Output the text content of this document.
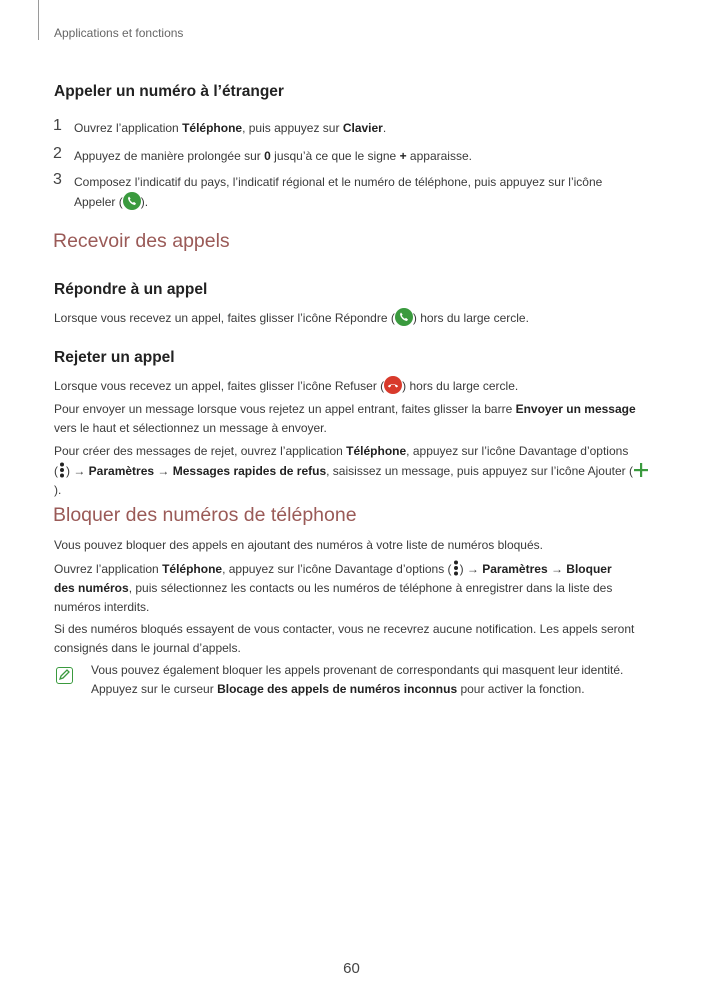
Applications et fonctions
Appeler un numéro à l’étranger
1 Ouvrez l’application Téléphone, puis appuyez sur Clavier.
2 Appuyez de manière prolongée sur 0 jusqu’à ce que le signe + apparaisse.
3 Composez l’indicatif du pays, l’indicatif régional et le numéro de téléphone, puis appuyez sur l’icône
Appeler ( ).
Recevoir des appels
Répondre à un appel

Lorsque vous recevez un appel, faites glisser l’icône Répondre ( ) hors du large cercle.

Rejeter un appel

Lorsque vous recevez un appel, faites glisser l’icône Refuser ( ) hors du large cercle.

Pour envoyer un message lorsque vous rejetez un appel entrant, faites glisser la barre Envoyer un message
vers le haut et sélectionnez un message à envoyer.

Pour créer des messages de rejet, ouvrez l’application Téléphone, appuyez sur l’icône Davantage d’options
( ) → Paramètres → Messages rapides de refus, saisissez un message, puis appuyez sur l’icône Ajouter ().

Bloquer des numéros de téléphone

Vous pouvez bloquer des appels en ajoutant des numéros à votre liste de numéros bloqués.

Ouvrez l’application Téléphone, appuyez sur l’icône Davantage d’options ( ) → Paramètres → Bloquer
des numéros, puis sélectionnez les contacts ou les numéros de téléphone à enregistrer dans la liste des
numéros interdits.

Si des numéros bloqués essayent de vous contacter, vous ne recevrez aucune notification. Les appels seront consignés dans le journal d’appels.

Vous pouvez également bloquer les appels provenant de correspondants qui masquent leur identité.
Appuyez sur le curseur Blocage des appels de numéros inconnus pour activer la fonction.
60
